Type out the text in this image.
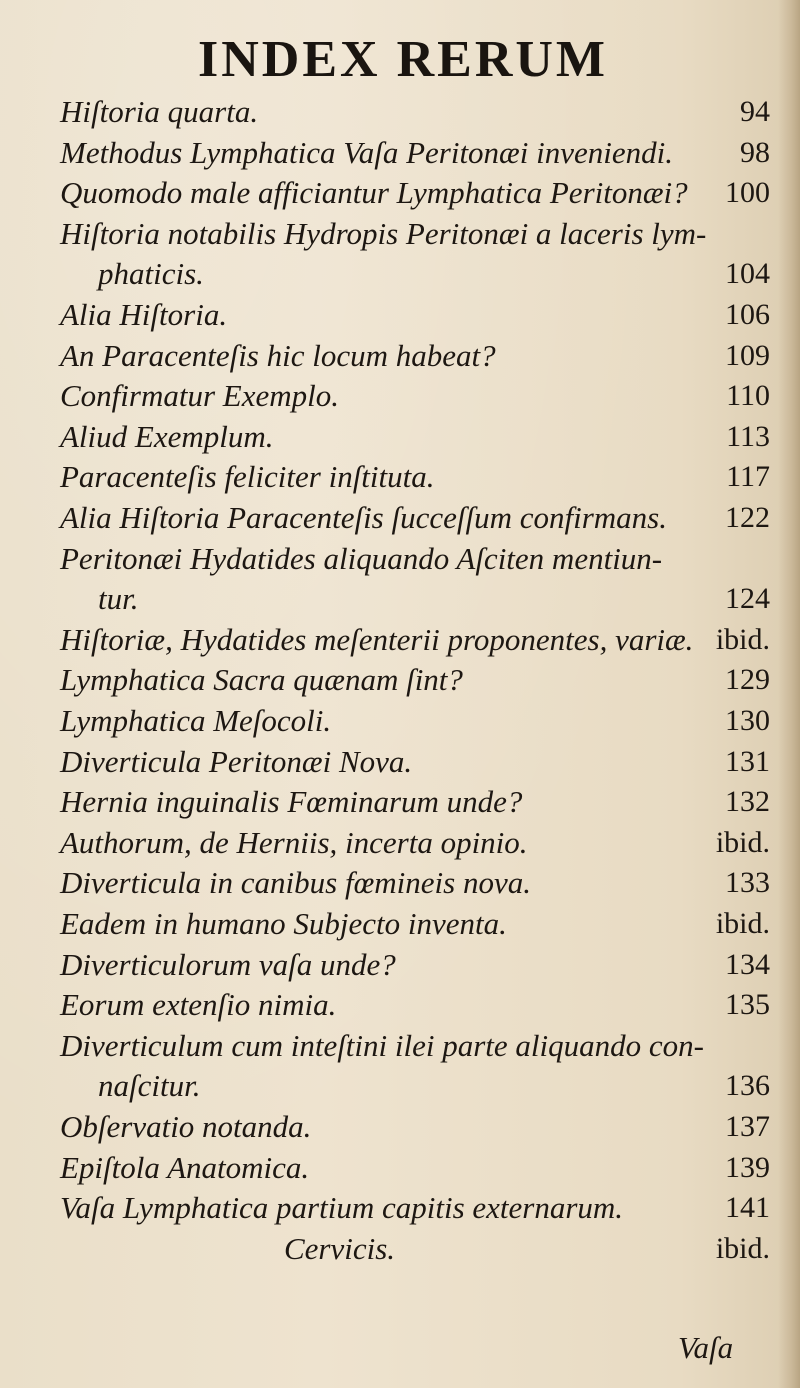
INDEX RERUM
Hiſtoria quarta.	94
Methodus Lymphatica Vaſa Peritonæi inveniendi. 98
Quomodo male afficiantur Lymphatica Peritonæi? 100
Hiſtoria notabilis Hydropis Peritonæi a laceris lym-
phaticis.	104
Alia Hiſtoria.	106
An Paracenteſis hic locum habeat?	109
Confirmatur Exemplo.	110
Aliud Exemplum.	113
Paracenteſis feliciter inſtituta.	117
Alia Hiſtoria Paracenteſis ſucceſſum confirmans. 122
Peritonæi Hydatides aliquando Aſciten mentiun-
tur.	124
Hiſtoriæ, Hydatides meſenterii proponentes, variæ. ibid.
Lymphatica Sacra quænam ſint?	129
Lymphatica Meſocoli.	130
Diverticula Peritonæi Nova.	131
Hernia inguinalis Fœminarum unde?	132
Authorum, de Herniis, incerta opinio.	ibid.
Diverticula in canibus fœmineis nova.	133
Eadem in humano Subjecto inventa.	ibid.
Diverticulorum vaſa unde?	134
Eorum extenſio nimia.	135
Diverticulum cum inteſtini ilei parte aliquando con-
naſcitur.	136
Obſervatio notanda.	137
Epiſtola Anatomica.	139
Vaſa Lymphatica partium capitis externarum.	141
Cervicis.	ibid.
Vaſa
